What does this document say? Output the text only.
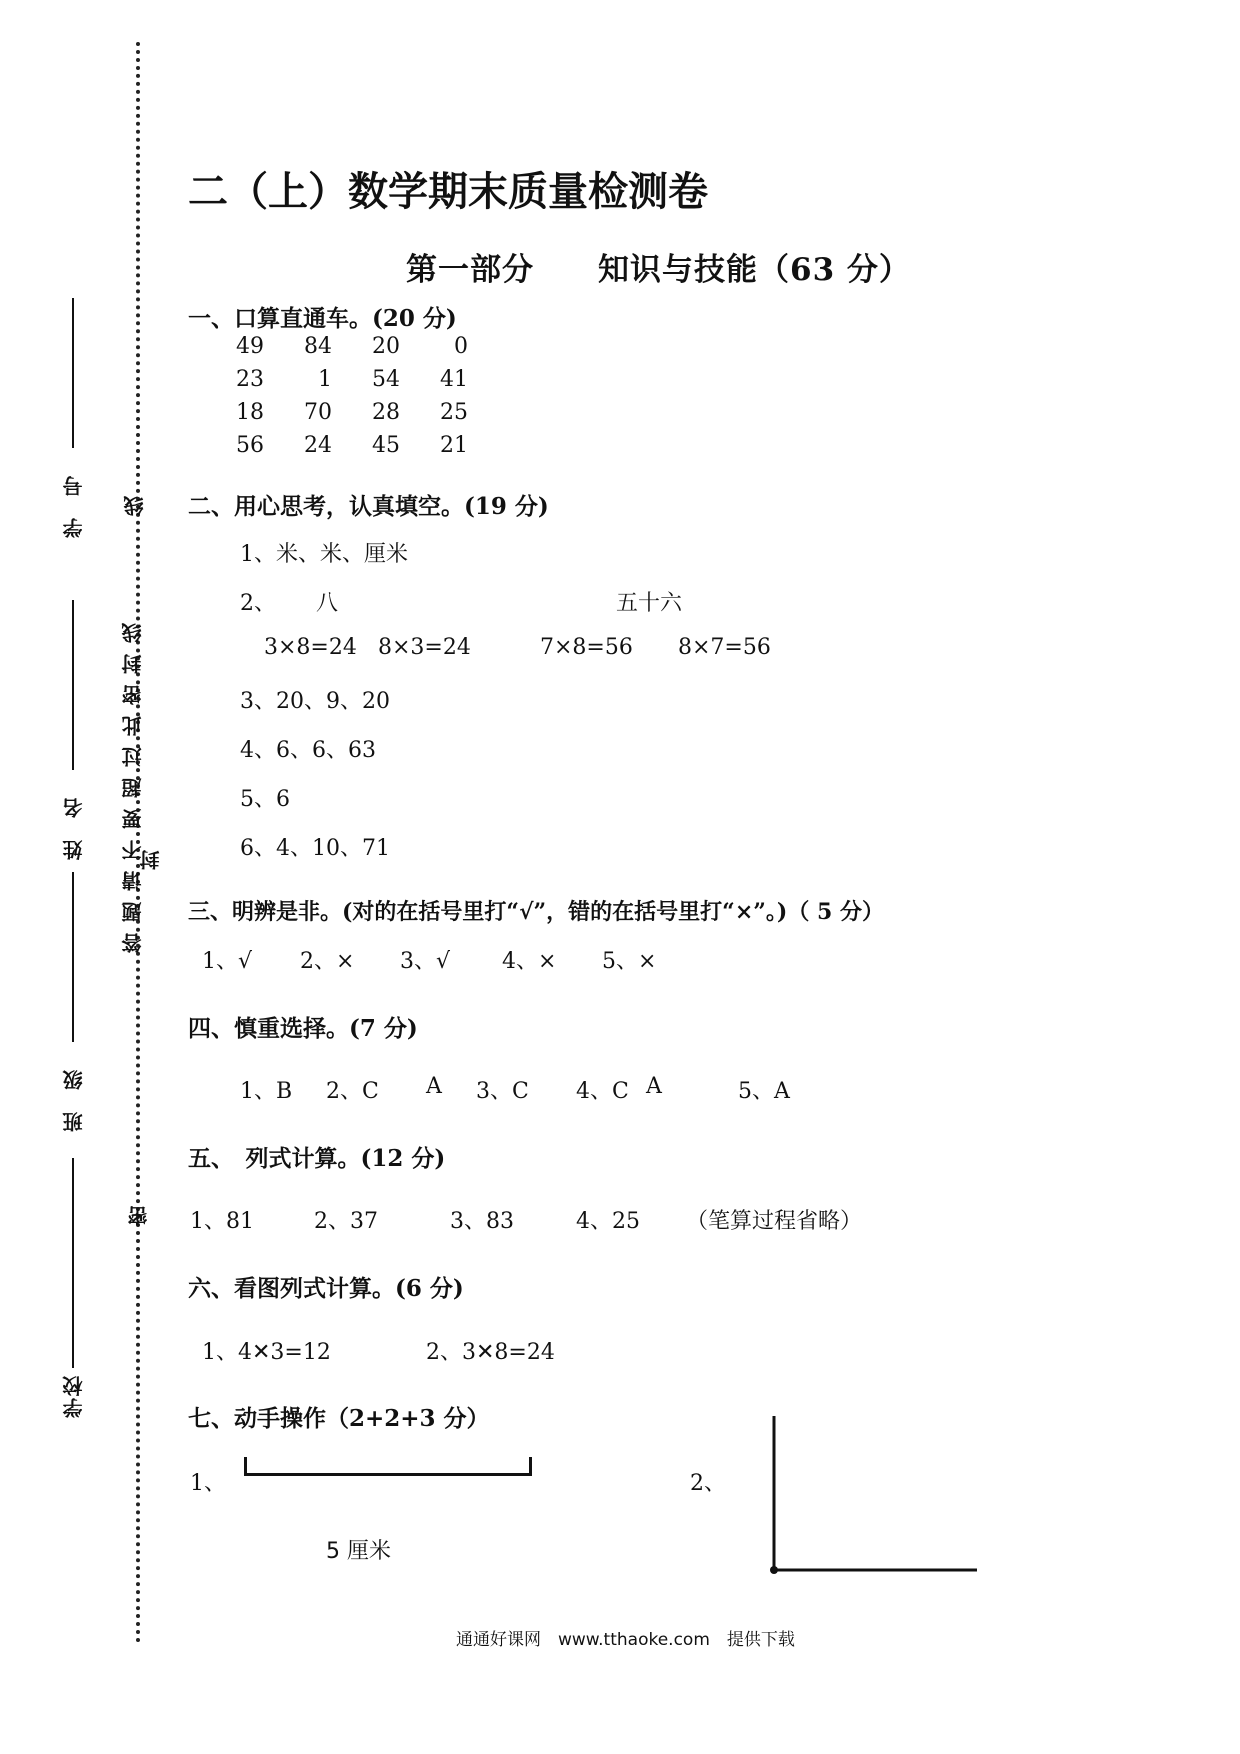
学号
姓名
班级
学校
线
答题请不要超过此密封线
封
密
二（上）数学期末质量检测卷
第一部分　　知识与技能（63 分）
一、口算直通车。(20 分)
49	84	20	0
23	1	54	41
18	70	28	25
56	24	45	21
二、用心思考，认真填空。(19 分)
1、米、米、厘米
2、 八	五十六
3×8=24 8×3=24	7×8=56 8×7=56
3、20、9、20
4、6、6、63
5、6
6、4、10、71
三、明辨是非。(对的在括号里打“√”，错的在括号里打“×”。)（ 5 分）
1、√ 2、× 3、√ 4、× 5、×
四、慎重选择。(7 分)
1、B 2、C A 3、C 4、C A	5、A
五、　列式计算。(12 分)
1、81	2、37	3、83	4、25 （笔算过程省略）
六、看图列式计算。(6 分)
1、4✕3=12	2、3✕8=24
七、动手操作（2+2+3 分）
1、
5 厘米
2、
通通好课网　www.tthaoke.com　提供下载
